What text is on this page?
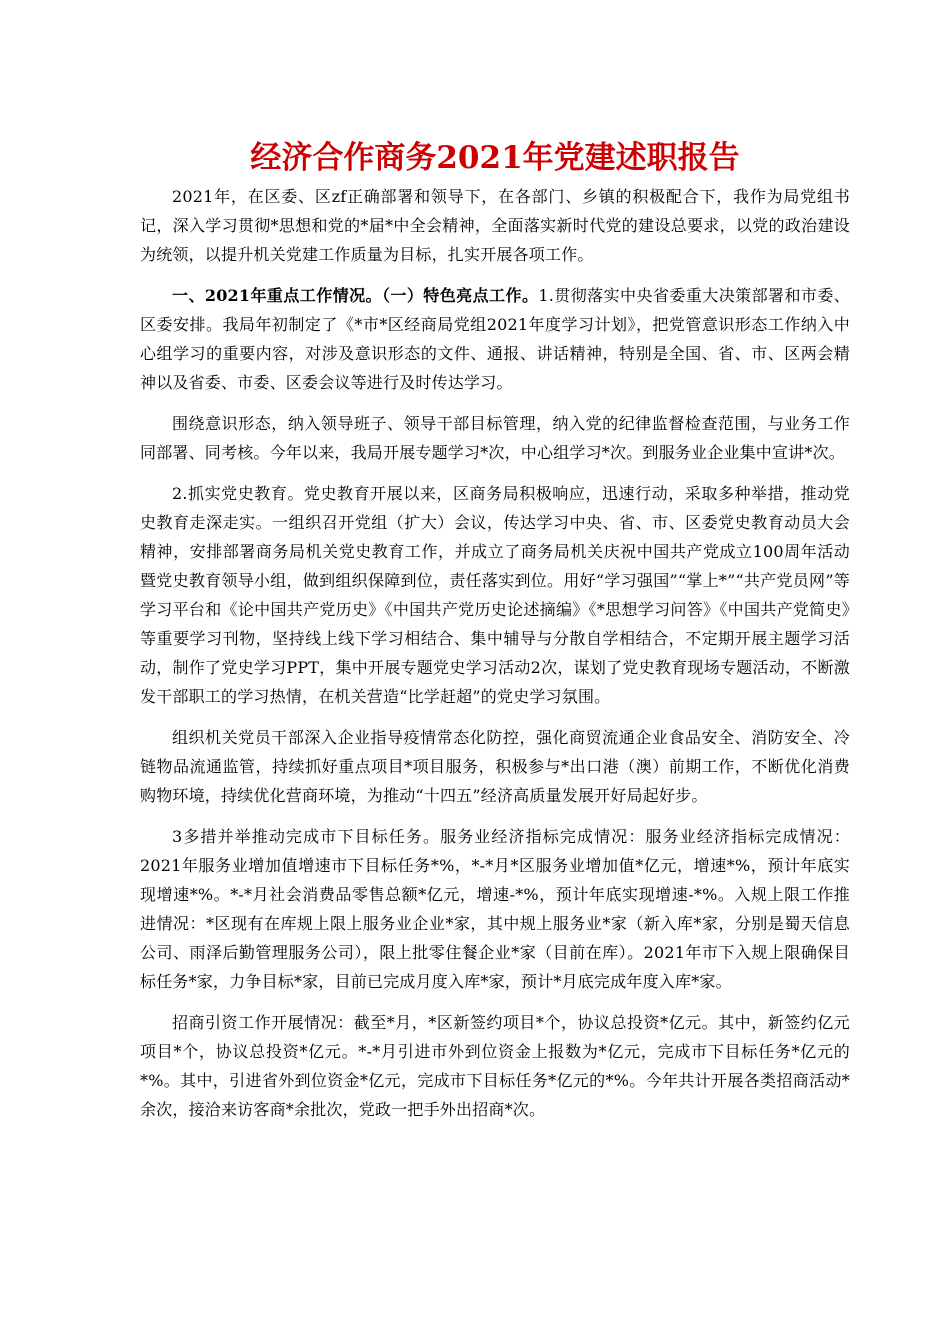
经济合作商务2021年党建述职报告

2021年，在区委、区zf正确部署和领导下，在各部门、乡镇的积极配合下，我作为局党组书记，深入学习贯彻*思想和党的*届*中全会精神，全面落实新时代党的建设总要求，以党的政治建设为统领，以提升机关党建工作质量为目标，扎实开展各项工作。

一、2021年重点工作情况。（一）特色亮点工作。1.贯彻落实中央省委重大决策部署和市委、区委安排。我局年初制定了《*市*区经商局党组2021年度学习计划》，把党管意识形态工作纳入中心组学习的重要内容，对涉及意识形态的文件、通报、讲话精神，特别是全国、省、市、区两会精神以及省委、市委、区委会议等进行及时传达学习。

围绕意识形态，纳入领导班子、领导干部目标管理，纳入党的纪律监督检查范围，与业务工作同部署、同考核。今年以来，我局开展专题学习*次，中心组学习*次。到服务业企业集中宣讲*次。

2.抓实党史教育。党史教育开展以来，区商务局积极响应，迅速行动，采取多种举措，推动党史教育走深走实。一组织召开党组（扩大）会议，传达学习中央、省、市、区委党史教育动员大会精神，安排部署商务局机关党史教育工作，并成立了商务局机关庆祝中国共产党成立100周年活动暨党史教育领导小组，做到组织保障到位，责任落实到位。用好“学习强国”“掌上*”“共产党员网”等学习平台和《论中国共产党历史》《中国共产党历史论述摘编》《*思想学习问答》《中国共产党简史》等重要学习刊物，坚持线上线下学习相结合、集中辅导与分散自学相结合，不定期开展主题学习活动，制作了党史学习PPT，集中开展专题党史学习活动2次，谋划了党史教育现场专题活动，不断激发干部职工的学习热情，在机关营造“比学赶超”的党史学习氛围。

组织机关党员干部深入企业指导疫情常态化防控，强化商贸流通企业食品安全、消防安全、冷链物品流通监管，持续抓好重点项目*项目服务，积极参与*出口港（澳）前期工作，不断优化消费购物环境，持续优化营商环境，为推动“十四五”经济高质量发展开好局起好步。

3多措并举推动完成市下目标任务。服务业经济指标完成情况：服务业经济指标完成情况：2021年服务业增加值增速市下目标任务*%，*-*月*区服务业增加值*亿元，增速*%，预计年底实现增速*%。*-*月社会消费品零售总额*亿元，增速-*%，预计年底实现增速-*%。入规上限工作推进情况：*区现有在库规上限上服务业企业*家，其中规上服务业*家（新入库*家，分别是蜀天信息公司、雨泽后勤管理服务公司），限上批零住餐企业*家（目前在库）。2021年市下入规上限确保目标任务*家，力争目标*家，目前已完成月度入库*家，预计*月底完成年度入库*家。

招商引资工作开展情况：截至*月，*区新签约项目*个，协议总投资*亿元。其中，新签约亿元项目*个，协议总投资*亿元。*-*月引进市外到位资金上报数为*亿元，完成市下目标任务*亿元的*%。其中，引进省外到位资金*亿元，完成市下目标任务*亿元的*%。今年共计开展各类招商活动*余次，接洽来访客商*余批次，党政一把手外出招商*次。
